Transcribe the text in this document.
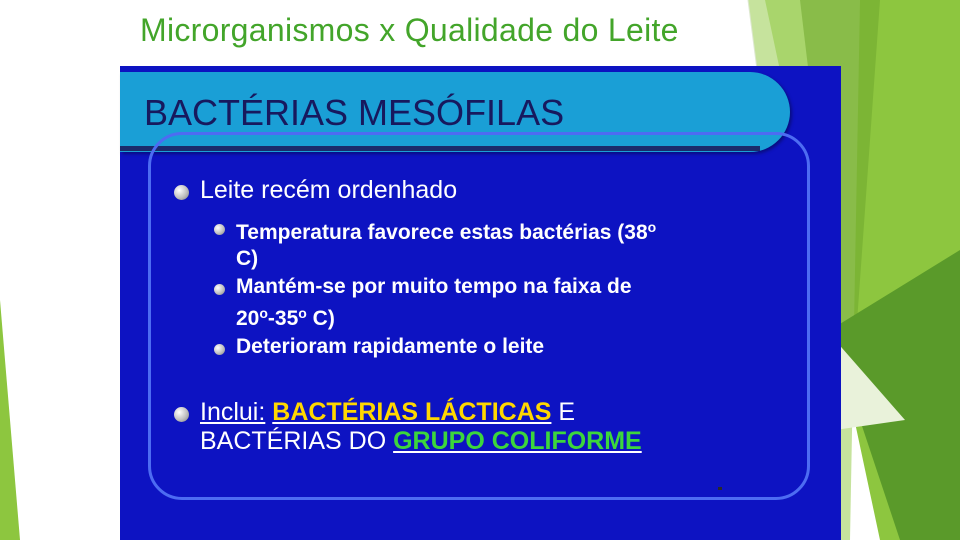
Microrganismos x Qualidade do Leite
BACTÉRIAS MESÓFILAS
Leite recém ordenhado
Temperatura favorece estas bactérias (38$^o$
C)
Mantém-se por muito tempo na faixa de
20$^o$-35$^o$ C)
Deterioram rapidamente o leite
Inclui: BACTÉRIAS LÁCTICAS E
BACTÉRIAS DO GRUPO COLIFORME
